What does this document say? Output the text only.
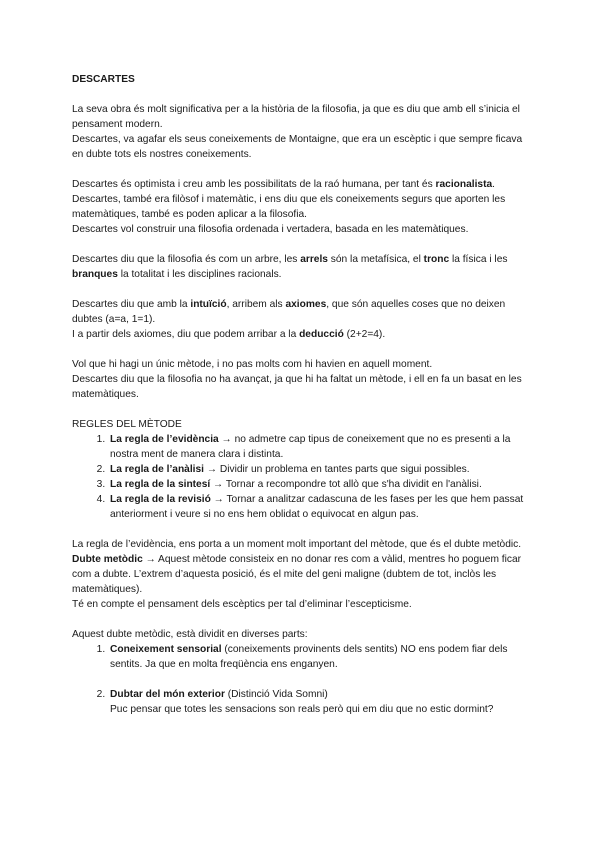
DESCARTES

La seva obra és molt significativa per a la història de la filosofia, ja que es diu que amb ell s’inicia el pensament modern.

Descartes, va agafar els seus coneixements de Montaigne, que era un escèptic i que sempre ficava en dubte tots els nostres coneixements.

Descartes és optimista i creu amb les possibilitats de la raó humana, per tant és racionalista.

Descartes, també era filòsof i matemàtic, i ens diu que els coneixements segurs que aporten les matemàtiques, també es poden aplicar a la filosofia.

Descartes vol construir una filosofia ordenada i vertadera, basada en les matemàtiques.

Descartes diu que la filosofia és com un arbre, les arrels són la metafísica, el tronc la física i les branques la totalitat i les disciplines racionals.

Descartes diu que amb la intuïció, arribem als axiomes, que són aquelles coses que no deixen dubtes (a=a, 1=1).

I a partir dels axiomes, diu que podem arribar a la deducció (2+2=4).

Vol que hi hagi un únic mètode, i no pas molts com hi havien en aquell moment.

Descartes diu que la filosofia no ha avançat, ja que hi ha faltat un mètode, i ell en fa un basat en les matemàtiques.

REGLES DEL MÈTODE

1. La regla de l’evidència → no admetre cap tipus de coneixement que no es presenti a la nostra ment de manera clara i distinta.
2. La regla de l’anàlisi → Dividir un problema en tantes parts que sigui possibles.
3. La regla de la sintesí → Tornar a recompondre tot allò que s'ha dividit en l'anàlisi.
4. La regla de la revisió → Tornar a analitzar cadascuna de les fases per les que hem passat anteriorment i veure si no ens hem oblidat o equivocat en algun pas.

La regla de l’evidència, ens porta a un moment molt important del mètode, que és el dubte metòdic.

Dubte metòdic → Aquest mètode consisteix en no donar res com a vàlid, mentres ho poguem ficar com a dubte. L’extrem d’aquesta posició, és el mite del geni maligne (dubtem de tot, inclòs les matemàtiques).

Té en compte el pensament dels escèptics per tal d’eliminar l’escepticisme.

Aquest dubte metòdic, està dividit en diverses parts:

1. Coneixement sensorial (coneixements provinents dels sentits) NO ens podem fiar dels sentits. Ja que en molta freqüència ens enganyen.
2. Dubtar del món exterior (Distinció Vida Somni)
Puc pensar que totes les sensacions son reals però qui em diu que no estic dormint?
